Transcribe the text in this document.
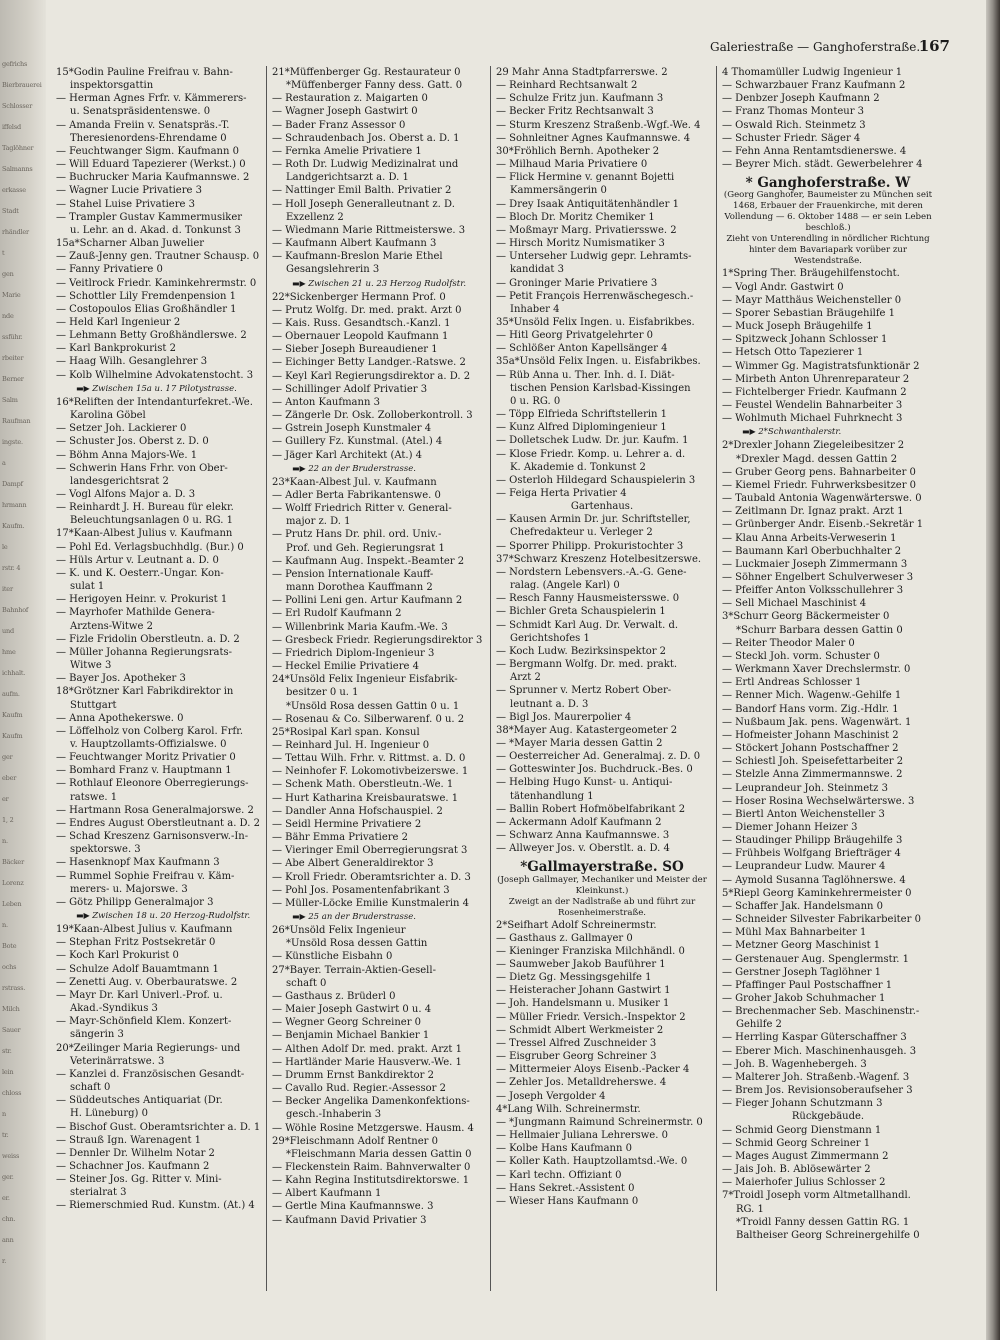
gefrichs
Bierbrauerei
Schlosser
iffelsd
Taglöhner
Salmanns
erkasse
Stadt
rhändler
t
gen
Marie
nde
ssführ.
rbeiter
Berner
Salm
Raufman
ingste.
a
Dampf
hrmann
Kaufm.
le
rstr. 4
iter
Bahnhof
und
hme
ichhalt.
aufm.
Kaufm
Kaufm
ger
eber
er
1, 2
n.
Bäcker
Lorenz
Leben
n.
Bote
ochs
rstrass.
Milch
Sauer
str.
lein
chloss
n
tr.
weiss
ger.
er.
chn.
ann
r.
Galeriestraße — Ganghoferstraße.
167
15*Godin Pauline Freifrau v. Bahn-
inspektorsgattin
— Herman Agnes Frfr. v. Kämmerers-
u. Senatspräsidentenswe. 0
— Amanda Freiin v. Senatspräs.-T.
Theresienordens-Ehrendame 0
— Feuchtwanger Sigm. Kaufmann 0
— Will Eduard Tapezierer (Werkst.) 0
— Buchrucker Maria Kaufmannswe. 2
— Wagner Lucie Privatiere 3
— Stahel Luise Privatiere 3
— Trampler Gustav Kammermusiker
u. Lehr. an d. Akad. d. Tonkunst 3
15a*Scharner Alban Juwelier
— Zauß-Jenny gen. Trautner Schausp. 0
— Fanny Privatiere 0
— Veitlrock Friedr. Kaminkehrermstr. 0
— Schottler Lily Fremdenpension 1
— Costopoulos Elias Großhändler 1
— Held Karl Ingenieur 2
— Lehmann Betty Großhändlerswe. 2
— Karl Bankprokurist 2
— Haag Wilh. Gesanglehrer 3
— Kolb Wilhelmine Advokatenstocht. 3
▬▶ Zwischen 15a u. 17 Pilotystrasse.
16*Reliften der Intendanturfekret.-We.
Karolina Göbel
— Setzer Joh. Lackierer 0
— Schuster Jos. Oberst z. D. 0
— Böhm Anna Majors-We. 1
— Schwerin Hans Frhr. von Ober-
landesgerichtsrat 2
— Vogl Alfons Major a. D. 3
— Reinhardt J. H. Bureau für elekr.
Beleuchtungsanlagen 0 u. RG. 1
17*Kaan-Albest Julius v. Kaufmann
— Pohl Ed. Verlagsbuchhdlg. (Bur.) 0
— Hüls Artur v. Leutnant a. D. 0
— K. und K. Oesterr.-Ungar. Kon-
sulat 1
— Herigoyen Heinr. v. Prokurist 1
— Mayrhofer Mathilde Genera-
Arztens-Witwe 2
— Fizle Fridolin Oberstleutn. a. D. 2
— Müller Johanna Regierungsrats-
Witwe 3
— Bayer Jos. Apotheker 3
18*Grötzner Karl Fabrikdirektor in
Stuttgart
— Anna Apothekerswe. 0
— Löffelholz von Colberg Karol. Frfr.
v. Hauptzollamts-Offizialswe. 0
— Feuchtwanger Moritz Privatier 0
— Bomhard Franz v. Hauptmann 1
— Rothlauf Eleonore Oberregierungs-
ratswe. 1
— Hartmann Rosa Generalmajorswe. 2
— Endres August Oberstleutnant a. D. 2
— Schad Kreszenz Garnisonsverw.-In-
spektorswe. 3
— Hasenknopf Max Kaufmann 3
— Rummel Sophie Freifrau v. Käm-
merers- u. Majorswe. 3
— Götz Philipp Generalmajor 3
▬▶ Zwischen 18 u. 20 Herzog-Rudolfstr.
19*Kaan-Albest Julius v. Kaufmann
— Stephan Fritz Postsekretär 0
— Koch Karl Prokurist 0
— Schulze Adolf Bauamtmann 1
— Zenetti Aug. v. Oberbauratswe. 2
— Mayr Dr. Karl Univerl.-Prof. u.
Akad.-Syndikus 3
— Mayr-Schönfield Klem. Konzert-
sängerin 3
20*Zeilinger Maria Regierungs- und
Veterinärratswe. 3
— Kanzlei d. Französischen Gesandt-
schaft 0
— Süddeutsches Antiquariat (Dr.
H. Lüneburg) 0
— Bischof Gust. Oberamtsrichter a. D. 1
— Strauß Ign. Warenagent 1
— Dennler Dr. Wilhelm Notar 2
— Schachner Jos. Kaufmann 2
— Steiner Jos. Gg. Ritter v. Mini-
sterialrat 3
— Riemerschmied Rud. Kunstm. (At.) 4
21*Müffenberger Gg. Restaurateur 0
*Müffenberger Fanny dess. Gatt. 0
— Restauration z. Maigarten 0
— Wagner Joseph Gastwirt 0
— Bader Franz Assessor 0
— Schraudenbach Jos. Oberst a. D. 1
— Fernka Amelie Privatiere 1
— Roth Dr. Ludwig Medizinalrat und
Landgerichtsarzt a. D. 1
— Nattinger Emil Balth. Privatier 2
— Holl Joseph Generalleutnant z. D.
Exzellenz 2
— Wiedmann Marie Rittmeisterswe. 3
— Kaufmann Albert Kaufmann 3
— Kaufmann-Breslon Marie Ethel
Gesangslehrerin 3
▬▶ Zwischen 21 u. 23 Herzog Rudolfstr.
22*Sickenberger Hermann Prof. 0
— Prutz Wolfg. Dr. med. prakt. Arzt 0
— Kais. Russ. Gesandtsch.-Kanzl. 1
— Obernauer Leopold Kaufmann 1
— Sieber Joseph Bureaudiener 1
— Eichinger Betty Landger.-Ratswe. 2
— Keyl Karl Regierungsdirektor a. D. 2
— Schillinger Adolf Privatier 3
— Anton Kaufmann 3
— Zängerle Dr. Osk. Zolloberkontroll. 3
— Gstrein Joseph Kunstmaler 4
— Guillery Fz. Kunstmal. (Atel.) 4
— Jäger Karl Architekt (At.) 4
▬▶ 22 an der Bruderstrasse.
23*Kaan-Albest Jul. v. Kaufmann
— Adler Berta Fabrikantenswe. 0
— Wolff Friedrich Ritter v. General-
major z. D. 1
— Prutz Hans Dr. phil. ord. Univ.-
Prof. und Geh. Regierungsrat 1
— Kaufmann Aug. Inspekt.-Beamter 2
— Pension Internationale Kauff-
mann Dorothea Kauffmann 2
— Pollini Leni gen. Artur Kaufmann 2
— Erl Rudolf Kaufmann 2
— Willenbrink Maria Kaufm.-We. 3
— Gresbeck Friedr. Regierungsdirektor 3
— Friedrich Diplom-Ingenieur 3
— Heckel Emilie Privatiere 4
24*Unsöld Felix Ingenieur Eisfabrik-
besitzer 0 u. 1
*Unsöld Rosa dessen Gattin 0 u. 1
— Rosenau & Co. Silberwarenf. 0 u. 2
25*Rosipal Karl span. Konsul
— Reinhard Jul. H. Ingenieur 0
— Tettau Wilh. Frhr. v. Rittmst. a. D. 0
— Neinhofer F. Lokomotivbeizerswe. 1
— Schenk Math. Oberstleutn.-We. 1
— Hurt Katharina Kreisbauratswe. 1
— Dandler Anna Hofschauspiel. 2
— Seidl Hermine Privatiere 2
— Bähr Emma Privatiere 2
— Vieringer Emil Oberregierungsrat 3
— Abe Albert Generaldirektor 3
— Kroll Friedr. Oberamtsrichter a. D. 3
— Pohl Jos. Posamentenfabrikant 3
— Müller-Löcke Emilie Kunstmalerin 4
▬▶ 25 an der Bruderstrasse.
26*Unsöld Felix Ingenieur
*Unsöld Rosa dessen Gattin
— Künstliche Eisbahn 0
27*Bayer. Terrain-Aktien-Gesell-
schaft 0
— Gasthaus z. Brüderl 0
— Maier Joseph Gastwirt 0 u. 4
— Wegner Georg Schreiner 0
— Benjamin Michael Bankier 1
— Althen Adolf Dr. med. prakt. Arzt 1
— Hartländer Marie Hausverw.-We. 1
— Drumm Ernst Bankdirektor 2
— Cavallo Rud. Regier.-Assessor 2
— Becker Angelika Damenkonfektions-
gesch.-Inhaberin 3
— Wöhle Rosine Metzgerswe. Hausm. 4
29*Fleischmann Adolf Rentner 0
*Fleischmann Maria dessen Gattin 0
— Fleckenstein Raim. Bahnverwalter 0
— Kahn Regina Institutsdirektorswe. 1
— Albert Kaufmann 1
— Gertle Mina Kaufmannswe. 3
— Kaufmann David Privatier 3
29 Mahr Anna Stadtpfarrerswe. 2
— Reinhard Rechtsanwalt 2
— Schulze Fritz jun. Kaufmann 3
— Becker Fritz Rechtsanwalt 3
— Sturm Kreszenz Straßenb.-Wgf.-We. 4
— Sohnleitner Agnes Kaufmannswe. 4
30*Fröhlich Bernh. Apotheker 2
— Milhaud Maria Privatiere 0
— Flick Hermine v. genannt Bojetti
Kammersängerin 0
— Drey Isaak Antiquitätenhändler 1
— Bloch Dr. Moritz Chemiker 1
— Moßmayr Marg. Privatiersswe. 2
— Hirsch Moritz Numismatiker 3
— Unterseher Ludwig gepr. Lehramts-
kandidat 3
— Groninger Marie Privatiere 3
— Petit François Herrenwäschegesch.-
Inhaber 4
35*Unsöld Felix Ingen. u. Eisfabrikbes.
— Hitl Georg Privatgelehrter 0
— Schlößer Anton Kapellsänger 4
35a*Unsöld Felix Ingen. u. Eisfabrikbes.
— Rüb Anna u. Ther. Inh. d. I. Diät-
tischen Pension Karlsbad-Kissingen
0 u. RG. 0
— Töpp Elfrieda Schriftstellerin 1
— Kunz Alfred Diplomingenieur 1
— Dolletschek Ludw. Dr. jur. Kaufm. 1
— Klose Friedr. Komp. u. Lehrer a. d.
K. Akademie d. Tonkunst 2
— Osterloh Hildegard Schauspielerin 3
— Feiga Herta Privatier 4
Gartenhaus.
— Kausen Armin Dr. jur. Schriftsteller,
Chefredakteur u. Verleger 2
— Sporrer Philipp. Prokuristochter 3
37*Schwarz Kreszenz Hotelbesitzerswe.
— Nordstern Lebensvers.-A.-G. Gene-
ralag. (Angele Karl) 0
— Resch Fanny Hausmeistersswe. 0
— Bichler Greta Schauspielerin 1
— Schmidt Karl Aug. Dr. Verwalt. d.
Gerichtshofes 1
— Koch Ludw. Bezirksinspektor 2
— Bergmann Wolfg. Dr. med. prakt.
Arzt 2
— Sprunner v. Mertz Robert Ober-
leutnant a. D. 3
— Bigl Jos. Maurerpolier 4
38*Mayer Aug. Katastergeometer 2
— *Mayer Maria dessen Gattin 2
— Oesterreicher Ad. Generalmaj. z. D. 0
— Gotteswinter Jos. Buchdruck.-Bes. 0
— Helbing Hugo Kunst- u. Antiqui-
tätenhandlung 1
— Ballin Robert Hofmöbelfabrikant 2
— Ackermann Adolf Kaufmann 2
— Schwarz Anna Kaufmannswe. 3
— Allweyer Jos. v. Oberstlt. a. D. 4
*Gallmayerstraße. SO
(Joseph Gallmayer, Mechaniker und Meister der Kleinkunst.)
Zweigt an der Nadlstraße ab und führt zur Rosenheimerstraße.
2*Seifhart Adolf Schreinermstr.
— Gasthaus z. Gallmayer 0
— Kieninger Franziska Milchhändl. 0
— Saumweber Jakob Bauführer 1
— Dietz Gg. Messingsgehilfe 1
— Heisteracher Johann Gastwirt 1
— Joh. Handelsmann u. Musiker 1
— Müller Friedr. Versich.-Inspektor 2
— Schmidt Albert Werkmeister 2
— Tressel Alfred Zuschneider 3
— Eisgruber Georg Schreiner 3
— Mittermeier Aloys Eisenb.-Packer 4
— Zehler Jos. Metalldreherswe. 4
— Joseph Vergolder 4
4*Lang Wilh. Schreinermstr.
— *Jungmann Raimund Schreinermstr. 0
— Hellmaier Juliana Lehrerswe. 0
— Kolbe Hans Kaufmann 0
— Koller Kath. Hauptzollamtsd.-We. 0
— Karl techn. Offiziant 0
— Hans Sekret.-Assistent 0
— Wieser Hans Kaufmann 0
4 Thomamüller Ludwig Ingenieur 1
— Schwarzbauer Franz Kaufmann 2
— Denbzer Joseph Kaufmann 2
— Franz Thomas Monteur 3
— Oswald Rich. Steinmetz 3
— Schuster Friedr. Säger 4
— Fehn Anna Rentamtsdienerswe. 4
— Beyrer Mich. städt. Gewerbelehrer 4
* Ganghoferstraße. W
(Georg Ganghofer, Baumeister zu München seit 1468, Erbauer der Frauenkirche, mit deren Vollendung — 6. Oktober 1488 — er sein Leben beschloß.)
Zieht von Unterendling in nördlicher Richtung hinter dem Bavariapark vorüber zur Westendstraße.
1*Spring Ther. Bräugehilfenstocht.
— Vogl Andr. Gastwirt 0
— Mayr Matthäus Weichensteller 0
— Sporer Sebastian Bräugehilfe 1
— Muck Joseph Bräugehilfe 1
— Spitzweck Johann Schlosser 1
— Hetsch Otto Tapezierer 1
— Wimmer Gg. Magistratsfunktionär 2
— Mirbeth Anton Uhrenreparateur 2
— Fichtelberger Friedr. Kaufmann 2
— Feustel Wendelin Bahnarbeiter 3
— Wohlmuth Michael Fuhrknecht 3
▬▶ 2*Schwanthalerstr.
2*Drexler Johann Ziegeleibesitzer 2
*Drexler Magd. dessen Gattin 2
— Gruber Georg pens. Bahnarbeiter 0
— Kiemel Friedr. Fuhrwerksbesitzer 0
— Taubald Antonia Wagenwärterswe. 0
— Zeitlmann Dr. Ignaz prakt. Arzt 1
— Grünberger Andr. Eisenb.-Sekretär 1
— Klau Anna Arbeits-Verweserin 1
— Baumann Karl Oberbuchhalter 2
— Luckmaier Joseph Zimmermann 3
— Söhner Engelbert Schulverweser 3
— Pfeiffer Anton Volksschullehrer 3
— Sell Michael Maschinist 4
3*Schurr Georg Bäckermeister 0
*Schurr Barbara dessen Gattin 0
— Reiter Theodor Maler 0
— Steckl Joh. vorm. Schuster 0
— Werkmann Xaver Drechslermstr. 0
— Ertl Andreas Schlosser 1
— Renner Mich. Wagenw.-Gehilfe 1
— Bandorf Hans vorm. Zig.-Hdlr. 1
— Nußbaum Jak. pens. Wagenwärt. 1
— Hofmeister Johann Maschinist 2
— Stöckert Johann Postschaffner 2
— Schiestl Joh. Speisefettarbeiter 2
— Stelzle Anna Zimmermannswe. 2
— Leuprandeur Joh. Steinmetz 3
— Hoser Rosina Wechselwärterswe. 3
— Biertl Anton Weichensteller 3
— Diemer Johann Heizer 3
— Staudinger Philipp Bräugehilfe 3
— Frühbeis Wolfgang Briefträger 4
— Leuprandeur Ludw. Maurer 4
— Aymold Susanna Taglöhnerswe. 4
5*Riepl Georg Kaminkehrermeister 0
— Schaffer Jak. Handelsmann 0
— Schneider Silvester Fabrikarbeiter 0
— Mühl Max Bahnarbeiter 1
— Metzner Georg Maschinist 1
— Gerstenauer Aug. Spenglermstr. 1
— Gerstner Joseph Taglöhner 1
— Pfaffinger Paul Postschaffner 1
— Groher Jakob Schuhmacher 1
— Brechenmacher Seb. Maschinenstr.-
Gehilfe 2
— Herrling Kaspar Güterschaffner 3
— Eberer Mich. Maschinenhausgeh. 3
— Joh. B. Wagenhebergeh. 3
— Malterer Joh. Straßenb.-Wagenf. 3
— Brem Jos. Revisionsoberaufseher 3
— Fieger Johann Schutzmann 3
Rückgebäude.
— Schmid Georg Dienstmann 1
— Schmid Georg Schreiner 1
— Mages August Zimmermann 2
— Jais Joh. B. Ablösewärter 2
— Maierhofer Julius Schlosser 2
7*Troidl Joseph vorm Altmetallhandl.
RG. 1
*Troidl Fanny dessen Gattin RG. 1
Baltheiser Georg Schreinergehilfe 0
